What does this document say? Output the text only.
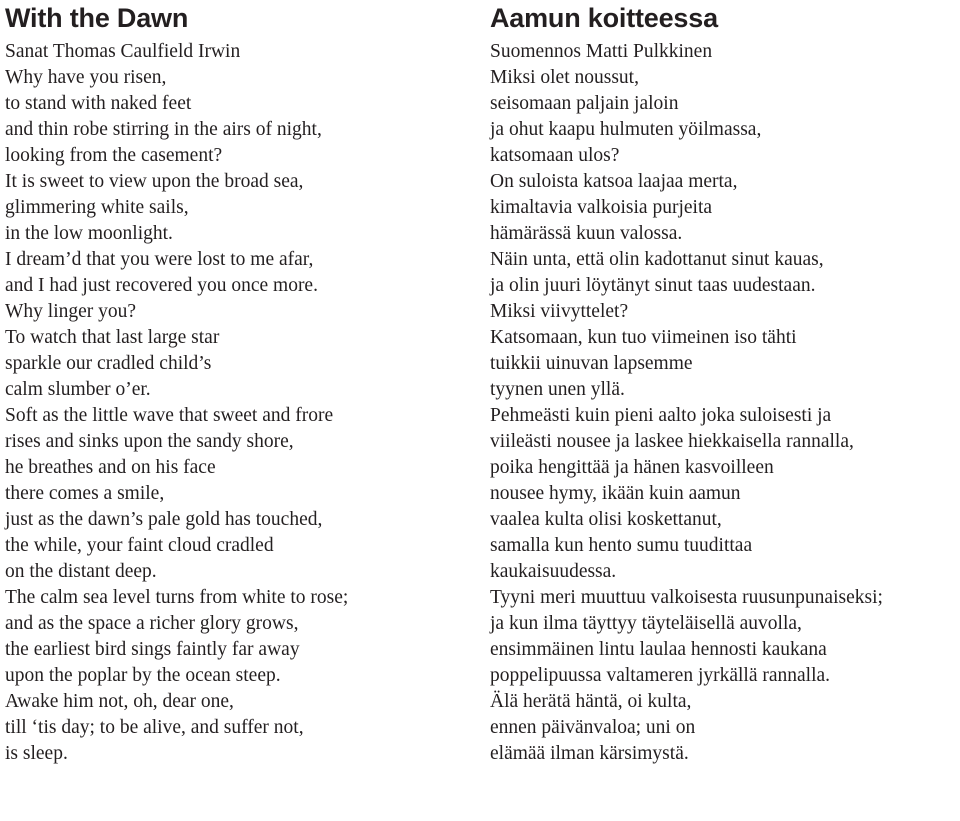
With the Dawn

Sanat Thomas Caulfield Irwin

Why have you risen,
to stand with naked feet
and thin robe stirring in the airs of night,
looking from the casement?

It is sweet to view upon the broad sea,
glimmering white sails,
in the low moonlight.

I dream’d that you were lost to me afar,
and I had just recovered you once more.
Why linger you?

To watch that last large star
sparkle our cradled child’s
calm slumber o’er.

Soft as the little wave that sweet and frore
rises and sinks upon the sandy shore,
he breathes and on his face
there comes a smile,
just as the dawn’s pale gold has touched,
the while, your faint cloud cradled
on the distant deep.

The calm sea level turns from white to rose;
and as the space a richer glory grows,
the earliest bird sings faintly far away
upon the poplar by the ocean steep.

Awake him not, oh, dear one,
till ‘tis day; to be alive, and suffer not,
is sleep.

Aamun koitteessa

Suomennos Matti Pulkkinen

Miksi olet noussut,
seisomaan paljain jaloin
ja ohut kaapu hulmuten yöilmassa,
katsomaan ulos?

On suloista katsoa laajaa merta,
kimaltavia valkoisia purjeita
hämärässä kuun valossa.

Näin unta, että olin kadottanut sinut kauas,
ja olin juuri löytänyt sinut taas uudestaan.
Miksi viivyttelet?

Katsomaan, kun tuo viimeinen iso tähti
tuikkii uinuvan lapsemme
tyynen unen yllä.

Pehmeästi kuin pieni aalto joka suloisesti ja
viileästi nousee ja laskee hiekkaisella rannalla,
poika hengittää ja hänen kasvoilleen
nousee hymy, ikään kuin aamun
vaalea kulta olisi koskettanut,
samalla kun hento sumu tuudittaa
kaukaisuudessa.

Tyyni meri muuttuu valkoisesta ruusunpunaiseksi;
ja kun ilma täyttyy täyteläisellä auvolla,
ensimmäinen lintu laulaa hennosti kaukana
poppelipuussa valtameren jyrkällä rannalla.

Älä herätä häntä, oi kulta,
ennen päivänvaloa; uni on
elämää ilman kärsimystä.
